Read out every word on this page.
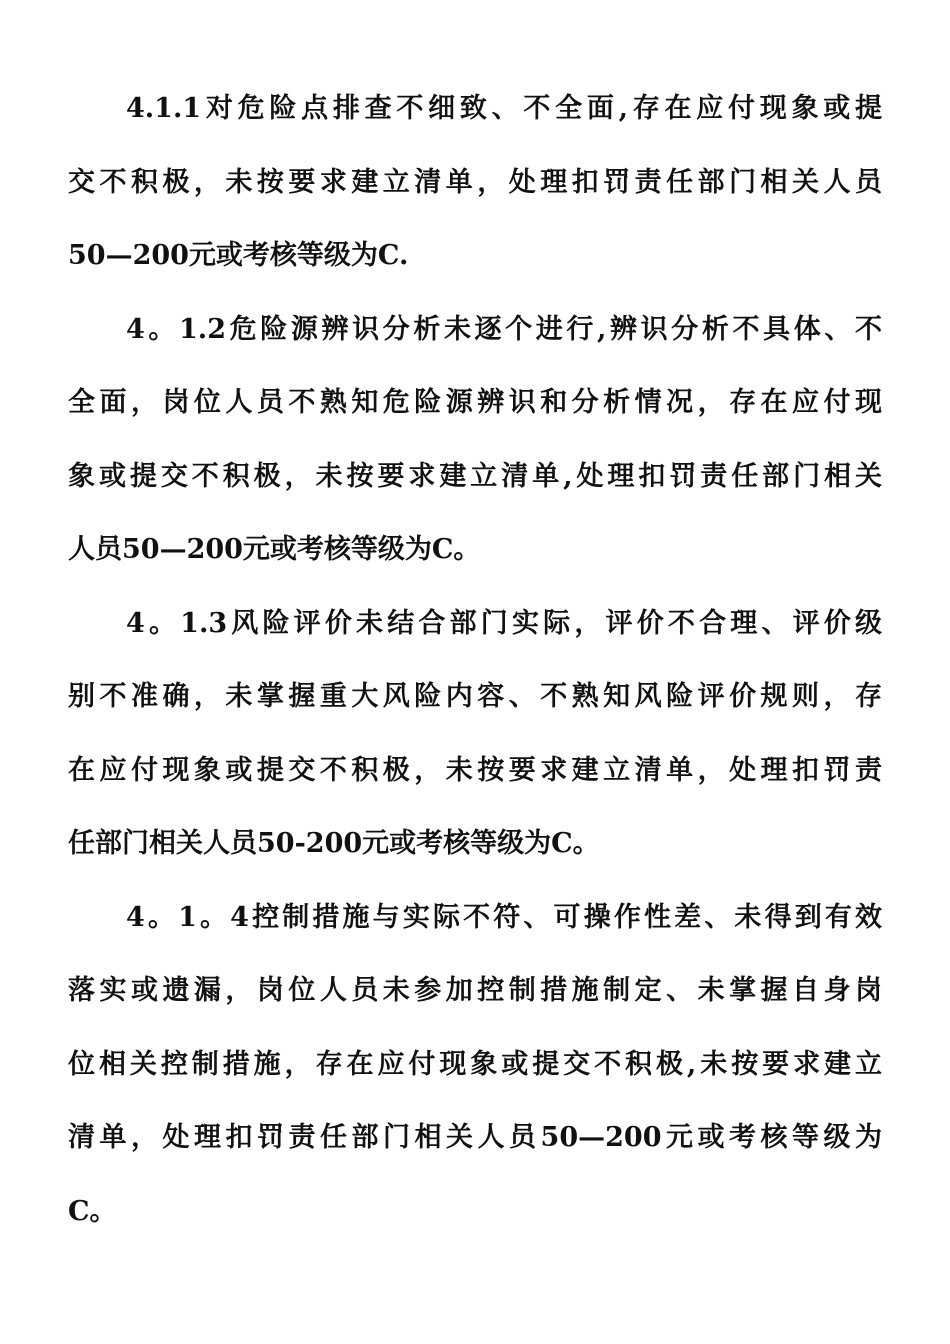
4.1.1对危险点排查不细致、不全面,存在应付现象或提
交不积极，未按要求建立清单，处理扣罚责任部门相关人员
50—200元或考核等级为C.
4。1.2危险源辨识分析未逐个进行,辨识分析不具体、不
全面，岗位人员不熟知危险源辨识和分析情况，存在应付现
象或提交不积极，未按要求建立清单,处理扣罚责任部门相关
人员50—200元或考核等级为C。
4。1.3风险评价未结合部门实际，评价不合理、评价级
别不准确，未掌握重大风险内容、不熟知风险评价规则，存
在应付现象或提交不积极，未按要求建立清单，处理扣罚责
任部门相关人员50-200元或考核等级为C。
4。1。4控制措施与实际不符、可操作性差、未得到有效
落实或遗漏，岗位人员未参加控制措施制定、未掌握自身岗
位相关控制措施，存在应付现象或提交不积极,未按要求建立
清单，处理扣罚责任部门相关人员50—200元或考核等级为
C。
